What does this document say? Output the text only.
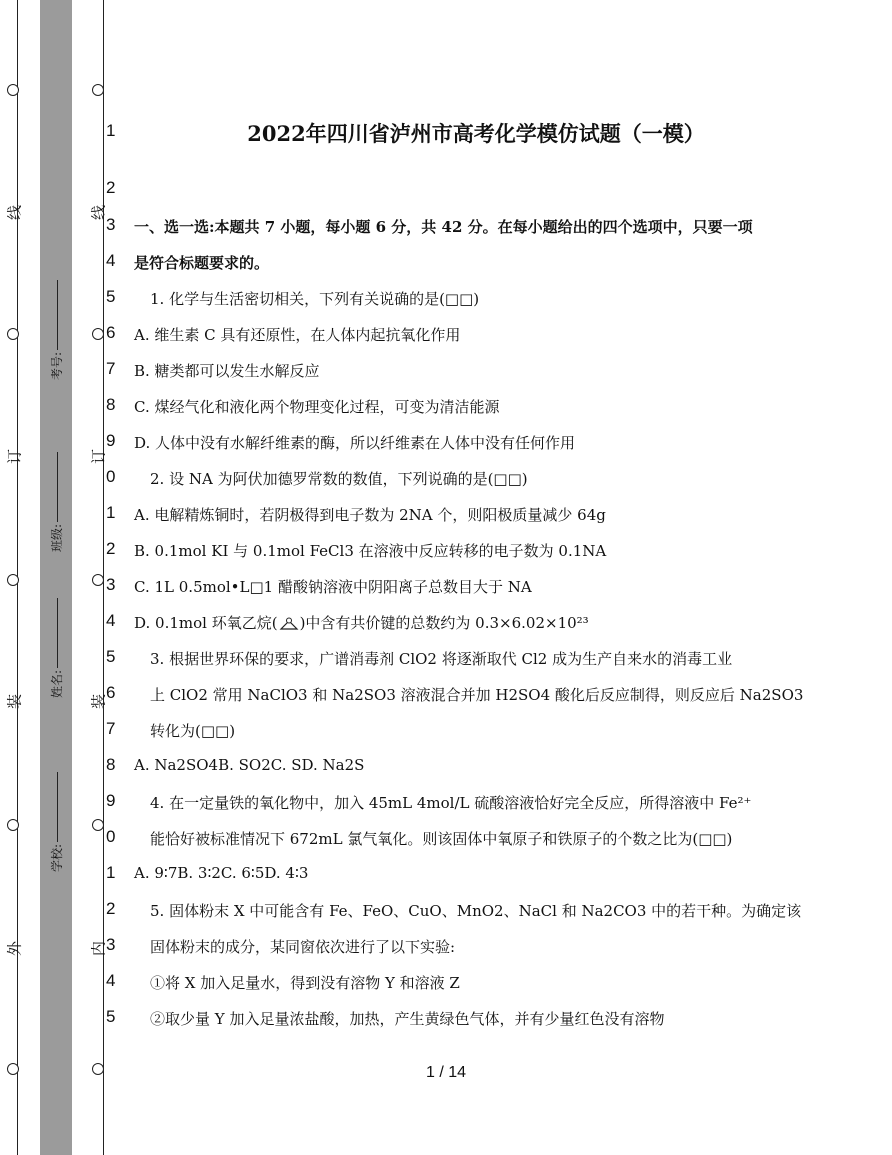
线
订
装
外
线
订
装
内
考号:
班级:
姓名:
学校:
2022年四川省泸州市高考化学模仿试题（一模）
1
2
3
4
5
6
7
8
9
0
1
2
3
4
5
6
7
8
9
0
1
2
3
4
5
一、选一选:本题共 7 小题，每小题 6 分，共 42 分。在每小题给出的四个选项中，只要一项
是符合标题要求的。
1. 化学与生活密切相关，下列有关说确的是(□□)
A. 维生素 C 具有还原性，在人体内起抗氧化作用
B. 糖类都可以发生水解反应
C. 煤经气化和液化两个物理变化过程，可变为清洁能源
D. 人体中没有水解纤维素的酶，所以纤维素在人体中没有任何作用
2. 设 NA 为阿伏加德罗常数的数值，下列说确的是(□□)
A. 电解精炼铜时，若阴极得到电子数为 2NA 个，则阳极质量减少 64g
B. 0.1mol KI 与 0.1mol FeCl3 在溶液中反应转移的电子数为 0.1NA
C. 1L 0.5mol•L□1 醋酸钠溶液中阴阳离子总数目大于 NA
D. 0.1mol 环氧乙烷( )中含有共价键的总数约为 0.3×6.02×10²³
3. 根据世界环保的要求，广谱消毒剂 ClO2 将逐渐取代 Cl2 成为生产自来水的消毒工业
上 ClO2 常用 NaClO3 和 Na2SO3 溶液混合并加 H2SO4 酸化后反应制得，则反应后 Na2SO3
转化为(□□)
A. Na2SO4B. SO2C. SD. Na2S
4. 在一定量铁的氧化物中，加入 45mL 4mol/L 硫酸溶液恰好完全反应，所得溶液中 Fe²⁺
能恰好被标准情况下 672mL 氯气氧化。则该固体中氧原子和铁原子的个数之比为(□□)
A. 9∶7B. 3∶2C. 6∶5D. 4∶3
5. 固体粉末 X 中可能含有 Fe、FeO、CuO、MnO2、NaCl 和 Na2CO3 中的若干种。为确定该
固体粉末的成分，某同窗依次进行了以下实验:
①将 X 加入足量水，得到没有溶物 Y 和溶液 Z
②取少量 Y 加入足量浓盐酸，加热，产生黄绿色气体，并有少量红色没有溶物
1 / 14
